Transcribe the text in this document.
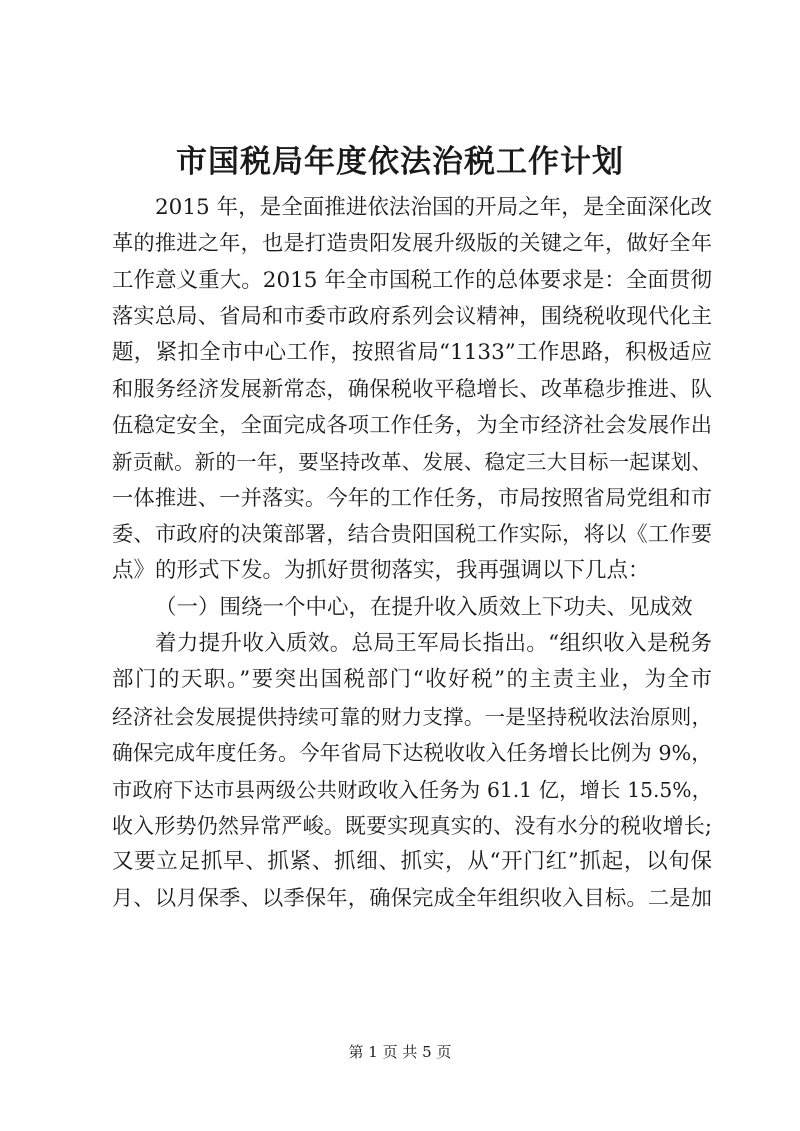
市国税局年度依法治税工作计划
2015 年，是全面推进依法治国的开局之年，是全面深化改
革的推进之年，也是打造贵阳发展升级版的关键之年，做好全年
工作意义重大。2015 年全市国税工作的总体要求是：全面贯彻
落实总局、省局和市委市政府系列会议精神，围绕税收现代化主
题，紧扣全市中心工作，按照省局“1133”工作思路，积极适应
和服务经济发展新常态，确保税收平稳增长、改革稳步推进、队
伍稳定安全，全面完成各项工作任务，为全市经济社会发展作出
新贡献。新的一年，要坚持改革、发展、稳定三大目标一起谋划、
一体推进、一并落实。今年的工作任务，市局按照省局党组和市
委、市政府的决策部署，结合贵阳国税工作实际，将以《工作要
点》的形式下发。为抓好贯彻落实，我再强调以下几点：
（一）围绕一个中心，在提升收入质效上下功夫、见成效
着力提升收入质效。总局王军局长指出。“组织收入是税务
部门的天职。”要突出国税部门“收好税”的主责主业，为全市
经济社会发展提供持续可靠的财力支撑。一是坚持税收法治原则，
确保完成年度任务。今年省局下达税收收入任务增长比例为 9%，
市政府下达市县两级公共财政收入任务为 61.1 亿，增长 15.5%，
收入形势仍然异常严峻。既要实现真实的、没有水分的税收增长;
又要立足抓早、抓紧、抓细、抓实，从“开门红”抓起，以旬保
月、以月保季、以季保年，确保完成全年组织收入目标。二是加
第 1 页 共 5 页
